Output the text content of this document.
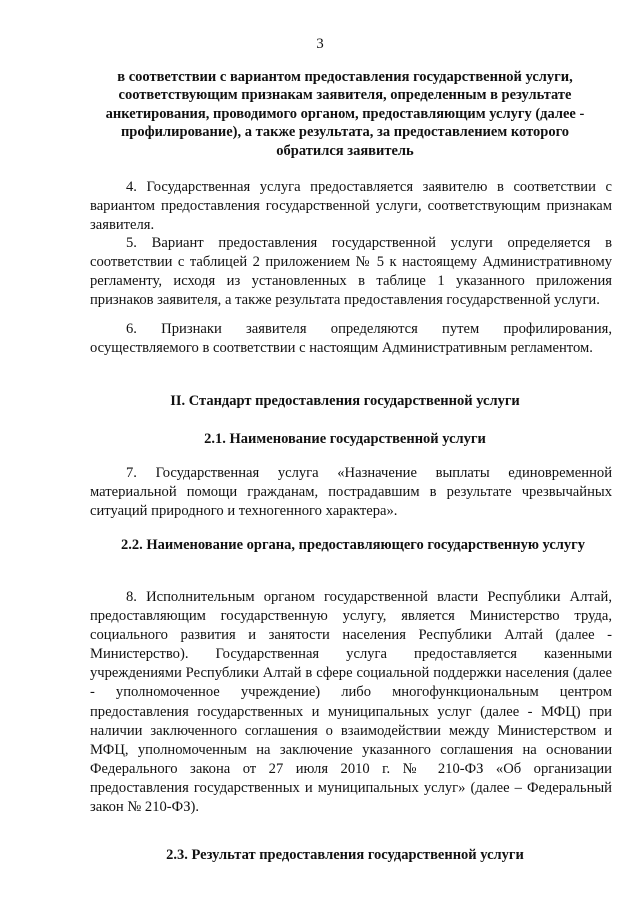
3
в соответствии с вариантом предоставления государственной услуги, соответствующим признакам заявителя, определенным в результате анкетирования, проводимого органом, предоставляющим услугу (далее - профилирование), а также результата, за предоставлением которого обратился заявитель

4. Государственная услуга предоставляется заявителю в соответствии с вариантом предоставления государственной услуги, соответствующим признакам заявителя.

5. Вариант предоставления государственной услуги определяется в соответствии с таблицей 2 приложением № 5 к настоящему Административному регламенту, исходя из установленных в таблице 1 указанного приложения признаков заявителя, а также результата предоставления государственной услуги.

6. Признаки заявителя определяются путем профилирования, осуществляемого в соответствии с настоящим Административным регламентом.

II. Стандарт предоставления государственной услуги
2.1. Наименование государственной услуги

7. Государственная услуга «Назначение выплаты единовременной материальной помощи гражданам, пострадавшим в результате чрезвычайных ситуаций природного и техногенного характера».

2.2. Наименование органа, предоставляющего государственную услугу

8. Исполнительным органом государственной власти Республики Алтай, предоставляющим государственную услугу, является Министерство труда, социального развития и занятости населения Республики Алтай (далее - Министерство). Государственная услуга предоставляется казенными учреждениями Республики Алтай в сфере социальной поддержки населения (далее - уполномоченное учреждение) либо многофункциональным центром предоставления государственных и муниципальных услуг (далее - МФЦ) при наличии заключенного соглашения о взаимодействии между Министерством и МФЦ, уполномоченным на заключение указанного соглашения на основании Федерального закона от 27 июля 2010 г. № 210-ФЗ «Об организации предоставления государственных и муниципальных услуг» (далее – Федеральный закон № 210-ФЗ).

2.3. Результат предоставления государственной услуги
